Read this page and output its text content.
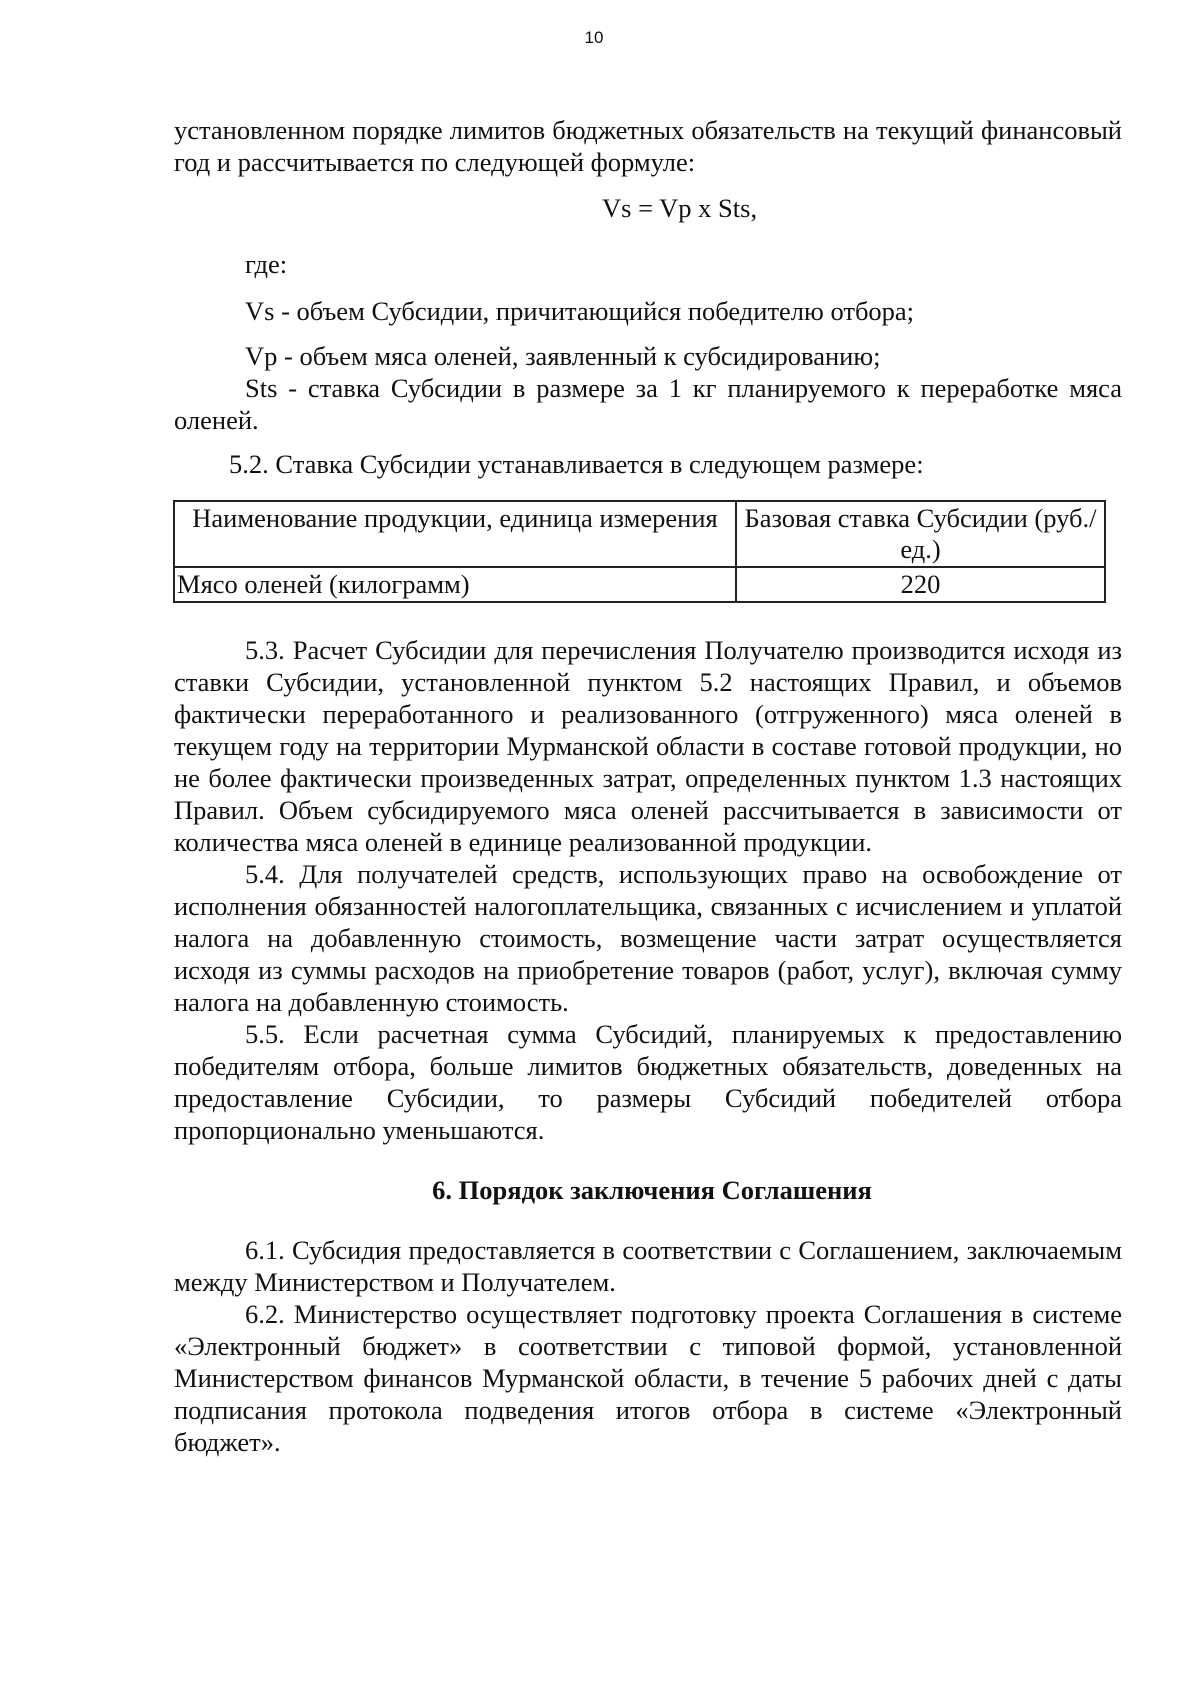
10

установленном порядке лимитов бюджетных обязательств на текущий финансовый год и рассчитывается по следующей формуле:

Vs = Vp x Sts,

где:

Vs - объем Субсидии, причитающийся победителю отбора;

Vp - объем мяса оленей, заявленный к субсидированию;

Sts - ставка Субсидии в размере за 1 кг планируемого к переработке мяса оленей.

5.2. Ставка Субсидии устанавливается в следующем размере:

Наименование продукции, единица измерения	Базовая ставка Субсидии (руб./ед.)
Мясо оленей (килограмм)	220

5.3. Расчет Субсидии для перечисления Получателю производится исходя из ставки Субсидии, установленной пунктом 5.2 настоящих Правил, и объемов фактически переработанного и реализованного (отгруженного) мяса оленей в текущем году на территории Мурманской области в составе готовой продукции, но не более фактически произведенных затрат, определенных пунктом 1.3 настоящих Правил. Объем субсидируемого мяса оленей рассчитывается в зависимости от количества мяса оленей в единице реализованной продукции.

5.4. Для получателей средств, использующих право на освобождение от исполнения обязанностей налогоплательщика, связанных с исчислением и уплатой налога на добавленную стоимость, возмещение части затрат осуществляется исходя из суммы расходов на приобретение товаров (работ, услуг), включая сумму налога на добавленную стоимость.

5.5. Если расчетная сумма Субсидий, планируемых к предоставлению победителям отбора, больше лимитов бюджетных обязательств, доведенных на предоставление Субсидии, то размеры Субсидий победителей отбора пропорционально уменьшаются.

6. Порядок заключения Соглашения

6.1. Субсидия предоставляется в соответствии с Соглашением, заключаемым между Министерством и Получателем.

6.2. Министерство осуществляет подготовку проекта Соглашения в системе «Электронный бюджет» в соответствии с типовой формой, установленной Министерством финансов Мурманской области, в течение 5 рабочих дней с даты подписания протокола подведения итогов отбора в системе «Электронный бюджет».
